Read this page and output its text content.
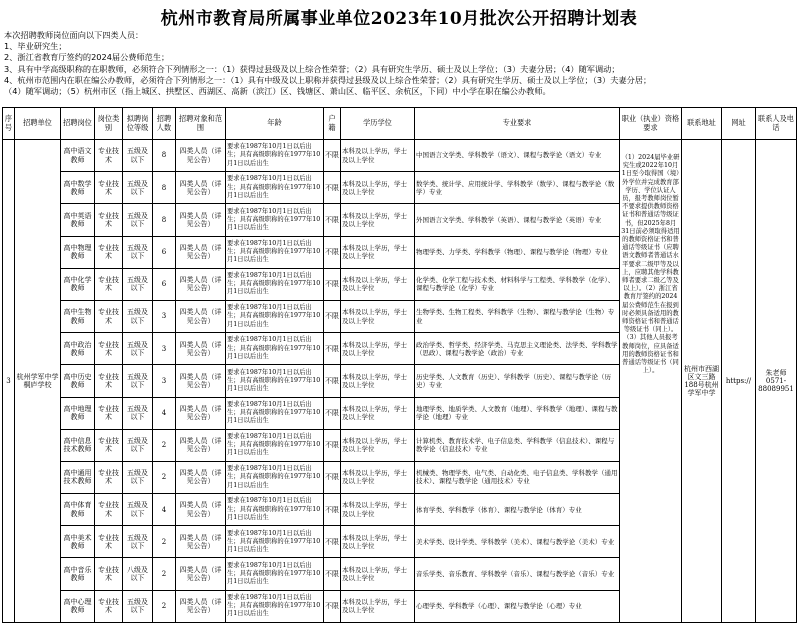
杭州市教育局所属事业单位2023年10月批次公开招聘计划表
本次招聘教师岗位面向以下四类人员：
1、毕业研究生；
2、浙江省教育厅签约的2024届公费师范生；
3、具有中学高级职称的在职教师，必须符合下列情形之一：（1）获得过县级及以上综合性荣誉；（2）具有研究生学历、硕士及以上学位；（3）夫妻分居；（4）随军调动；
4、杭州市范围内在职在编公办教师，必须符合下列情形之一：（1）具有中级及以上职称并获得过县级及以上综合性荣誉；（2）具有研究生学历、硕士及以上学位；（3）夫妻分居；
（4）随军调动；（5）杭州市区（指上城区、拱墅区、西湖区、高新（滨江）区、钱塘区、萧山区、临平区、余杭区，下同）中小学在职在编公办教师。
序号	招聘单位	招聘岗位	岗位类别	拟聘岗位等级	招聘人数	招聘对象和范围	年龄	户籍	学历学位	专业要求	职业（执业）资格要求	联系地址	网址	联系人及电话
3	杭州学军中学桐庐学校	高中语文教师	专业技术	五级及以下	8	四类人员（详见公告）	要求在1987年10月1日以后出生；具有高级职称的在1977年10月1日以后出生	不限	本科及以上学历，学士及以上学位	中国语言文学类、学科教学（语文）、课程与教学论（语文）专业	（1）2024届毕业研究生或2022年10月1日至今取得国（境）外学位并完成教育部学历、学位认证人员，报考教师岗位暂不要求提供教师资格证书和普通话等级证书，但2025年8月31日前必须取得适用的教师资格证书和普通话等级证书（应聘语文教师者普通话水平要求二级甲等及以上，应聘其他学科教师者要求二级乙等及以上）。（2）浙江省教育厅签约的2024届公费师范生在报到时必须具备适用的教师资格证书和普通话等级证书（同上）。（3）其他人员报考教师岗位，应具备适用的教师资格证书和普通话等级证书（同上）。	杭州市西湖区文三路188号杭州学军中学	https://	朱老师 0571-88089951
		高中数学教师	专业技术	五级及以下	8	四类人员（详见公告）	要求在1987年10月1日以后出生；具有高级职称的在1977年10月1日以后出生	不限	本科及以上学历，学士及以上学位	数学类、统计学、应用统计学、学科教学（数学）、课程与教学论（数学）专业				
		高中英语教师	专业技术	五级及以下	8	四类人员（详见公告）	要求在1987年10月1日以后出生；具有高级职称的在1977年10月1日以后出生	不限	本科及以上学历，学士及以上学位	外国语言文学类、学科教学（英语）、课程与教学论（英语）专业				
		高中物理教师	专业技术	五级及以下	6	四类人员（详见公告）	要求在1987年10月1日以后出生；具有高级职称的在1977年10月1日以后出生	不限	本科及以上学历，学士及以上学位	物理学类、力学类、学科教学（物理）、课程与教学论（物理）专业				
		高中化学教师	专业技术	五级及以下	6	四类人员（详见公告）	要求在1987年10月1日以后出生；具有高级职称的在1977年10月1日以后出生	不限	本科及以上学历，学士及以上学位	化学类、化学工程与技术类、材料科学与工程类、学科教学（化学）、课程与教学论（化学）专业				
		高中生物教师	专业技术	五级及以下	3	四类人员（详见公告）	要求在1987年10月1日以后出生；具有高级职称的在1977年10月1日以后出生	不限	本科及以上学历，学士及以上学位	生物学类、生物工程类、学科教学（生物）、课程与教学论（生物）专业				
		高中政治教师	专业技术	五级及以下	3	四类人员（详见公告）	要求在1987年10月1日以后出生；具有高级职称的在1977年10月1日以后出生	不限	本科及以上学历，学士及以上学位	政治学类、哲学类、经济学类、马克思主义理论类、法学类、学科教学（思政）、课程与教学论（政治）专业				
		高中历史教师	专业技术	五级及以下	3	四类人员（详见公告）	要求在1987年10月1日以后出生；具有高级职称的在1977年10月1日以后出生	不限	本科及以上学历，学士及以上学位	历史学类、人文教育（历史）、学科教学（历史）、课程与教学论（历史）专业				
		高中地理教师	专业技术	五级及以下	4	四类人员（详见公告）	要求在1987年10月1日以后出生；具有高级职称的在1977年10月1日以后出生	不限	本科及以上学历，学士及以上学位	地理学类、地质学类、人文教育（地理）、学科教学（地理）、课程与教学论（地理）专业				
		高中信息技术教师	专业技术	五级及以下	2	四类人员（详见公告）	要求在1987年10月1日以后出生；具有高级职称的在1977年10月1日以后出生	不限	本科及以上学历，学士及以上学位	计算机类、教育技术学、电子信息类、学科教学（信息技术）、课程与教学论（信息技术）专业				
		高中通用技术教师	专业技术	五级及以下	2	四类人员（详见公告）	要求在1987年10月1日以后出生；具有高级职称的在1977年10月1日以后出生	不限	本科及以上学历，学士及以上学位	机械类、物理学类、电气类、自动化类、电子信息类、学科教学（通用技术）、课程与教学论（通用技术）专业				
		高中体育教师	专业技术	五级及以下	4	四类人员（详见公告）	要求在1987年10月1日以后出生；具有高级职称的在1977年10月1日以后出生	不限	本科及以上学历，学士及以上学位	体育学类、学科教学（体育）、课程与教学论（体育）专业				
		高中美术教师	专业技术	五级及以下	2	四类人员（详见公告）	要求在1987年10月1日以后出生；具有高级职称的在1977年10月1日以后出生	不限	本科及以上学历，学士及以上学位	美术学类、设计学类、学科教学（美术）、课程与教学论（美术）专业				
		高中音乐教师	专业技术	八级及以下	2	四类人员（详见公告）	要求在1987年10月1日以后出生；具有高级职称的在1977年10月1日以后出生	不限	本科及以上学历，学士及以上学位	音乐学类、音乐教育、学科教学（音乐）、课程与教学论（音乐）专业				
		高中心理教师	专业技术	五级及以下	2	四类人员（详见公告）	要求在1987年10月1日以后出生；具有高级职称的在1977年10月1日以后出生	不限	本科及以上学历，学士及以上学位	心理学类、学科教学（心理）、课程与教学论（心理）专业				
